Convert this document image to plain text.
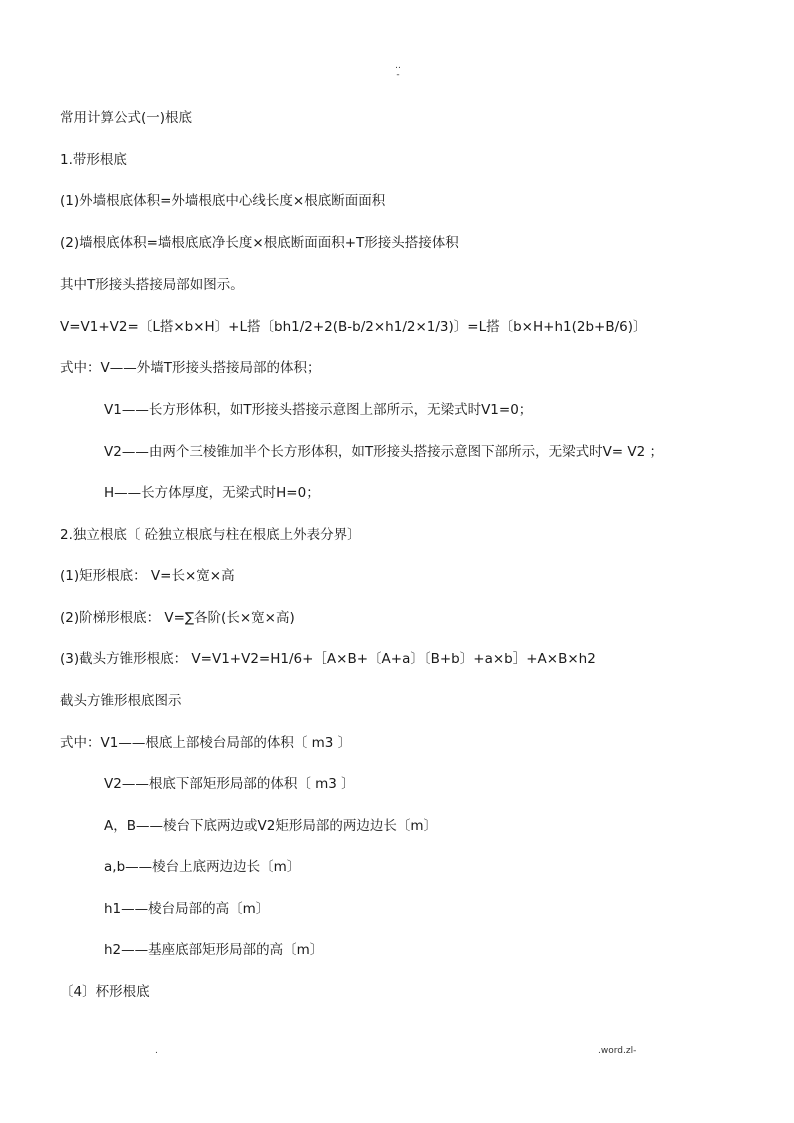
..
-
常用计算公式(一)根底
1.带形根底
(1)外墙根底体积=外墙根底中心线长度×根底断面面积
(2)墙根底体积=墙根底底净长度×根底断面面积+T形接头搭接体积
其中T形接头搭接局部如图示。
V=V1+V2=〔L搭×b×H〕+L搭〔bh1/2+2(B-b/2×h1/2×1/3)〕=L搭〔b×H+h1(2b+B/6)〕
式中：V——外墙T形接头搭接局部的体积；
V1——长方形体积，如T形接头搭接示意图上部所示，无梁式时V1=0；
V2——由两个三棱锥加半个长方形体积，如T形接头搭接示意图下部所示，无梁式时V= V2 ；
H——长方体厚度，无梁式时H=0；
2.独立根底〔 砼独立根底与柱在根底上外表分界〕
(1)矩形根底： V=长×宽×高
(2)阶梯形根底： V=∑各阶(长×宽×高)
(3)截头方锥形根底： V=V1+V2=H1/6+［A×B+〔A+a〕〔B+b〕+a×b］+A×B×h2
截头方锥形根底图示
式中：V1——根底上部棱台局部的体积〔 m3 〕
V2——根底下部矩形局部的体积〔 m3 〕
A，B——棱台下底两边或V2矩形局部的两边边长〔m〕
a,b——棱台上底两边边长〔m〕
h1——棱台局部的高〔m〕
h2——基座底部矩形局部的高〔m〕
〔4〕杯形根底
.	.word.zl-
